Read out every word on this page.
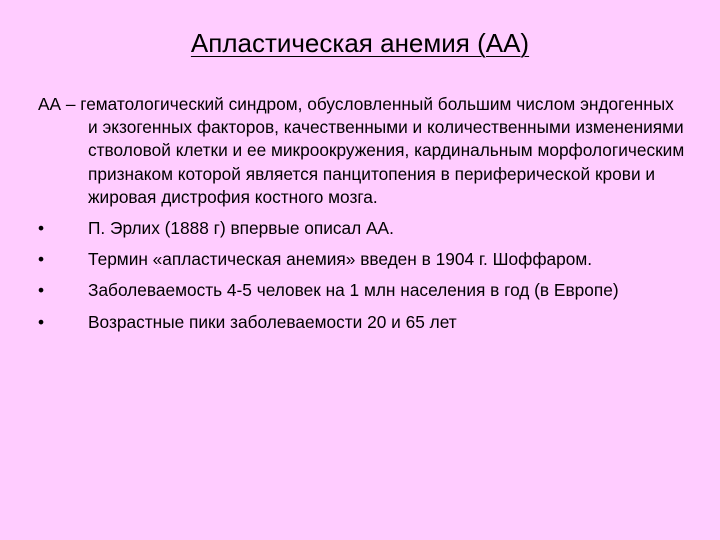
Апластическая анемия (АА)

АА – гематологический синдром, обусловленный большим числом эндогенных и экзогенных факторов, качественными и количественными изменениями стволовой клетки и ее микроокружения, кардинальным морфологическим признаком которой является панцитопения в периферической крови и жировая дистрофия костного мозга.

•	П. Эрлих (1888 г) впервые описал АА.
•	Термин «апластическая анемия» введен в 1904 г. Шоффаром.
•	Заболеваемость 4-5 человек на 1 млн населения в год (в Европе)
•	Возрастные пики заболеваемости 20 и 65 лет
